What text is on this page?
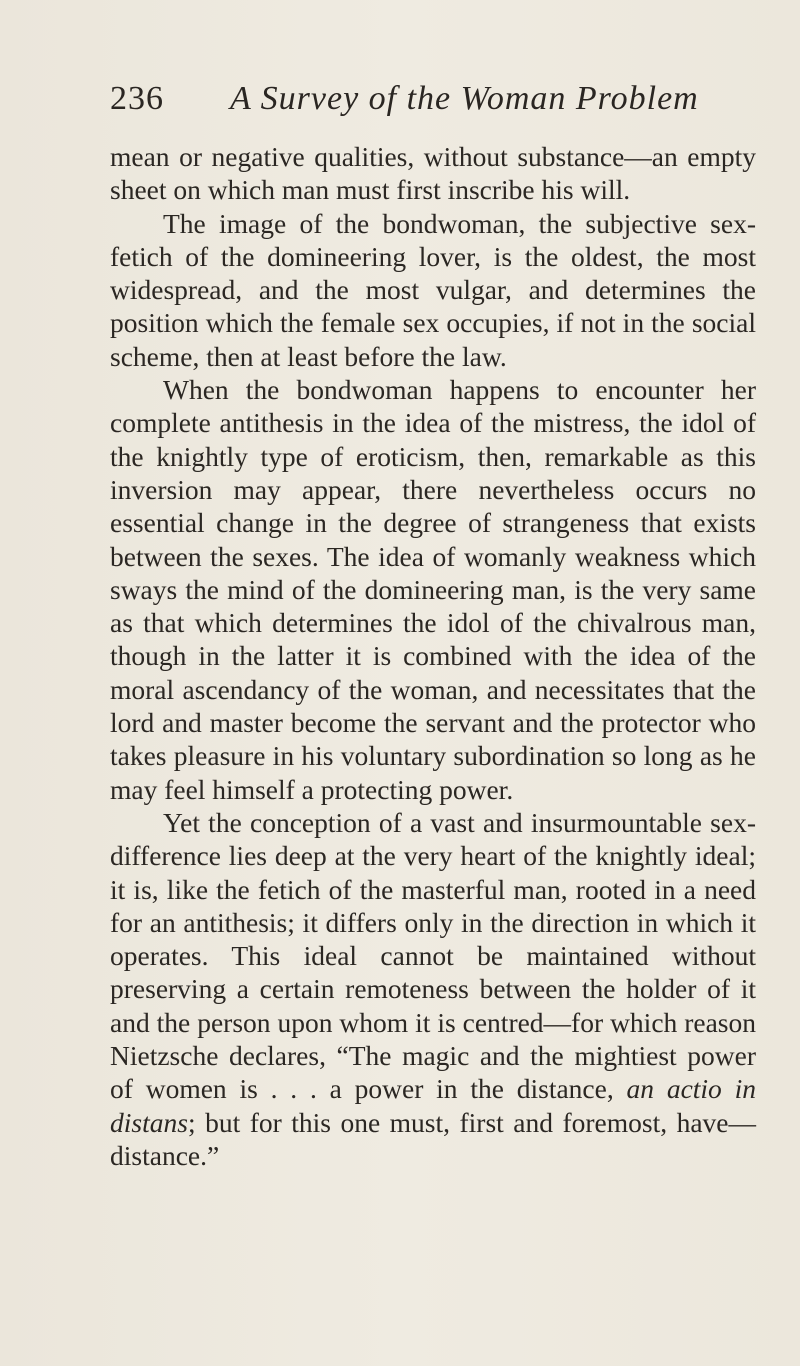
236 A Survey of the Woman Problem

mean or negative qualities, without substance—an empty sheet on which man must first inscribe his will.

The image of the bondwoman, the subjective sex-fetich of the domineering lover, is the oldest, the most widespread, and the most vulgar, and determines the position which the female sex occupies, if not in the social scheme, then at least before the law.

When the bondwoman happens to encounter her complete antithesis in the idea of the mistress, the idol of the knightly type of eroticism, then, remarkable as this inversion may appear, there nevertheless occurs no essential change in the degree of strangeness that exists between the sexes. The idea of womanly weakness which sways the mind of the domineering man, is the very same as that which determines the idol of the chivalrous man, though in the latter it is combined with the idea of the moral ascendancy of the woman, and necessitates that the lord and master become the servant and the protector who takes pleasure in his voluntary subordination so long as he may feel himself a protecting power.

Yet the conception of a vast and insurmountable sex-difference lies deep at the very heart of the knightly ideal; it is, like the fetich of the masterful man, rooted in a need for an antithesis; it differs only in the direction in which it operates. This ideal cannot be maintained without preserving a certain remoteness between the holder of it and the person upon whom it is centred—for which reason Nietzsche declares, “The magic and the mightiest power of women is . . . a power in the distance, an actio in distans; but for this one must, first and foremost, have—distance.”
